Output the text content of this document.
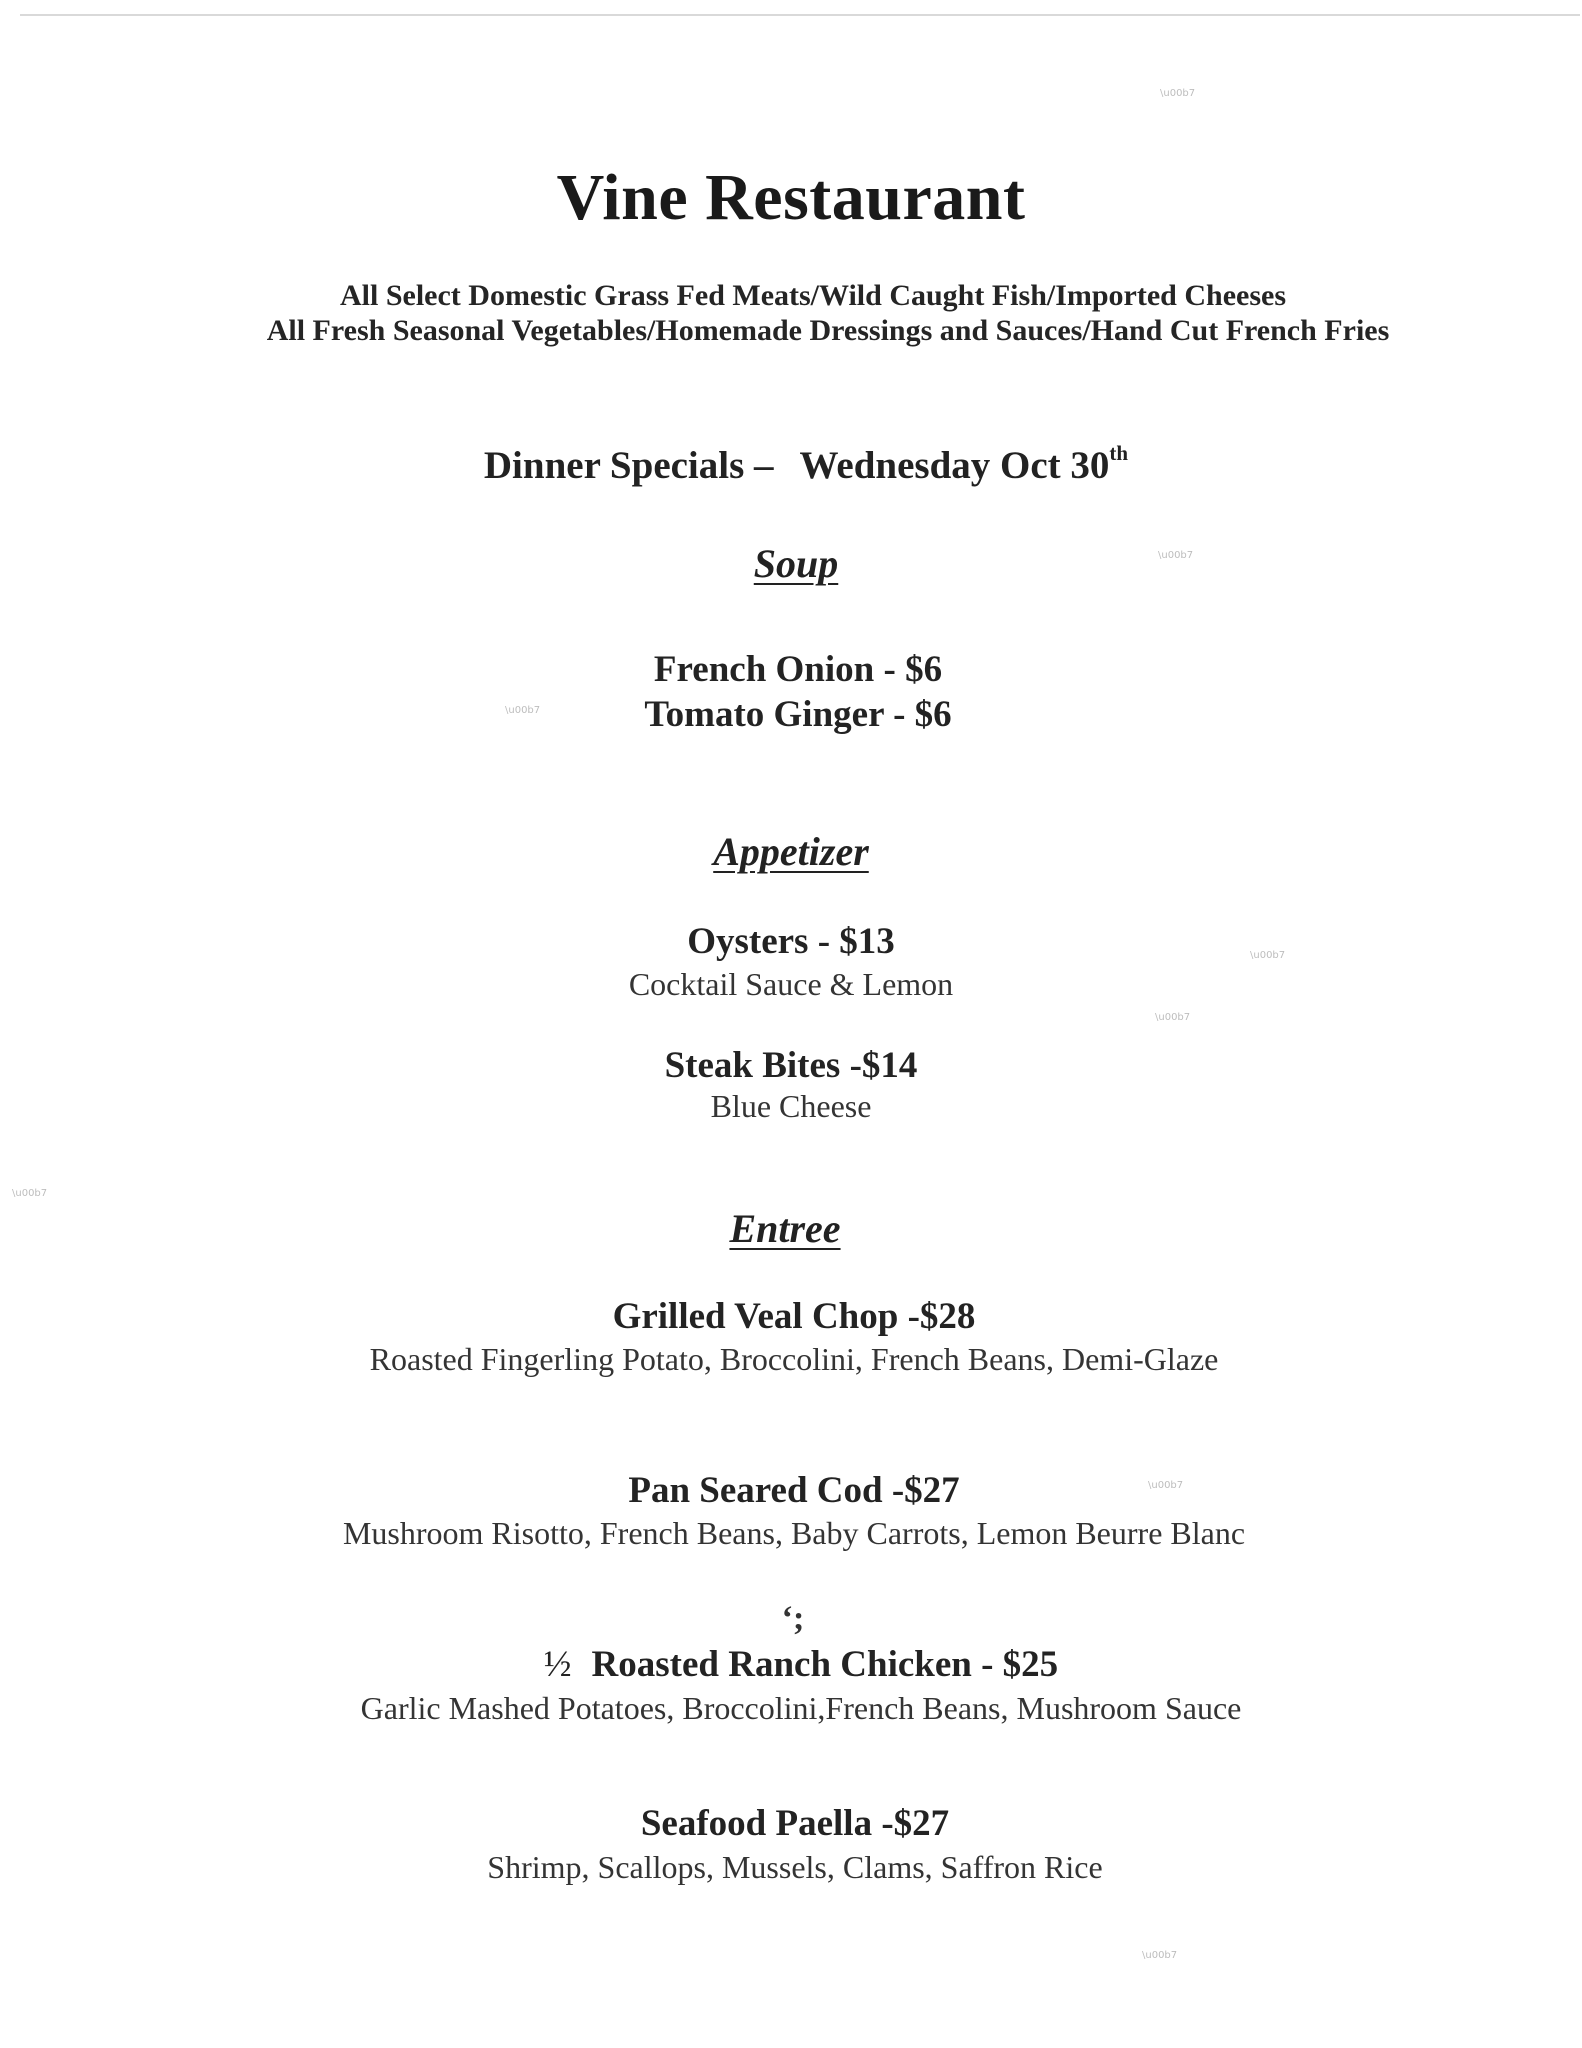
\u00b7
\u00b7
\u00b7
\u00b7
\u00b7
\u00b7
\u00b7
\u00b7
Vine Restaurant
All Select Domestic Grass Fed Meats/Wild Caught Fish/Imported Cheeses
All Fresh Seasonal Vegetables/Homemade Dressings and Sauces/Hand Cut French Fries
Dinner Specials – Wednesday Oct 30th
Soup
French Onion - $6
Tomato Ginger - $6
Appetizer
Oysters - $13
Cocktail Sauce & Lemon
Steak Bites -$14
Blue Cheese
Entree
Grilled Veal Chop -$28
Roasted Fingerling Potato, Broccolini, French Beans, Demi-Glaze
Pan Seared Cod -$27
Mushroom Risotto, French Beans, Baby Carrots, Lemon Beurre Blanc
‘;
½ Roasted Ranch Chicken - $25
Garlic Mashed Potatoes, Broccolini,French Beans, Mushroom Sauce
Seafood Paella -$27
Shrimp, Scallops, Mussels, Clams, Saffron Rice
